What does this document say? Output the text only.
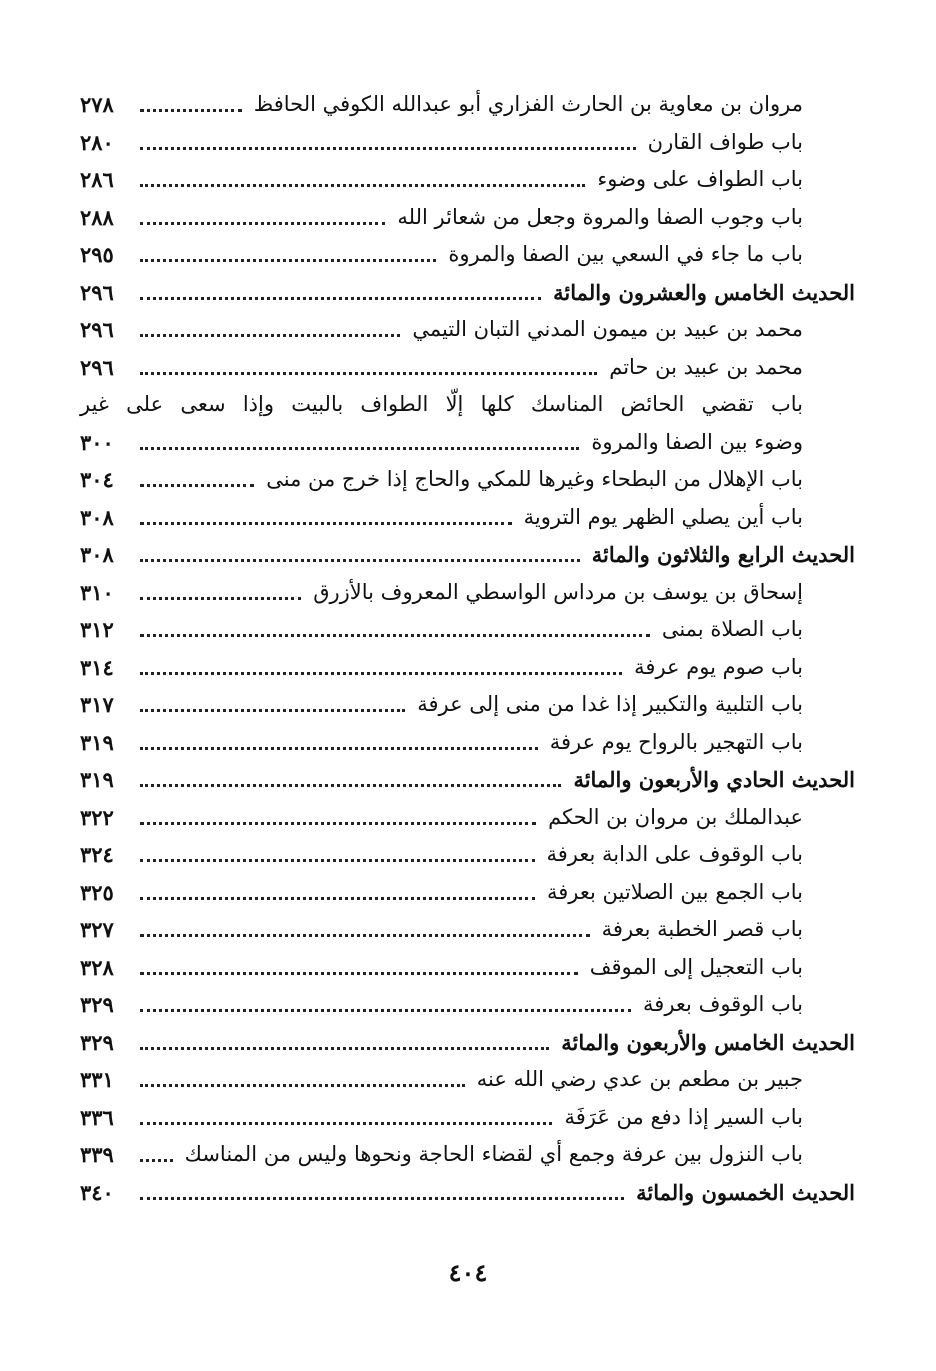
مروان بن معاوية بن الحارث الفزاري أبو عبدالله الكوفي الحافظ
٢٧٨
باب طواف القارن
٢٨٠
باب الطواف على وضوء
٢٨٦
باب وجوب الصفا والمروة وجعل من شعائر الله
٢٨٨
باب ما جاء في السعي بين الصفا والمروة
٢٩٥
الحديث الخامس والعشرون والمائة
٢٩٦
محمد بن عبيد بن ميمون المدني التبان التيمي
٢٩٦
محمد بن عبيد بن حاتم
٢٩٦
باب تقضي الحائض المناسك كلها إلّا الطواف بالبيت وإذا سعى على غير
وضوء بين الصفا والمروة
٣٠٠
باب الإهلال من البطحاء وغيرها للمكي والحاج إذا خرج من منى
٣٠٤
باب أين يصلي الظهر يوم التروية
٣٠٨
الحديث الرابع والثلاثون والمائة
٣٠٨
إسحاق بن يوسف بن مرداس الواسطي المعروف بالأزرق
٣١٠
باب الصلاة بمنى
٣١٢
باب صوم يوم عرفة
٣١٤
باب التلبية والتكبير إذا غدا من منى إلى عرفة
٣١٧
باب التهجير بالرواح يوم عرفة
٣١٩
الحديث الحادي والأربعون والمائة
٣١٩
عبدالملك بن مروان بن الحكم
٣٢٢
باب الوقوف على الدابة بعرفة
٣٢٤
باب الجمع بين الصلاتين بعرفة
٣٢٥
باب قصر الخطبة بعرفة
٣٢٧
باب التعجيل إلى الموقف
٣٢٨
باب الوقوف بعرفة
٣٢٩
الحديث الخامس والأربعون والمائة
٣٢٩
جبير بن مطعم بن عدي رضي الله عنه
٣٣١
باب السير إذا دفع من عَرَفَة
٣٣٦
باب النزول بين عرفة وجمع أي لقضاء الحاجة ونحوها وليس من المناسك
٣٣٩
الحديث الخمسون والمائة
٣٤٠
٤٠٤
